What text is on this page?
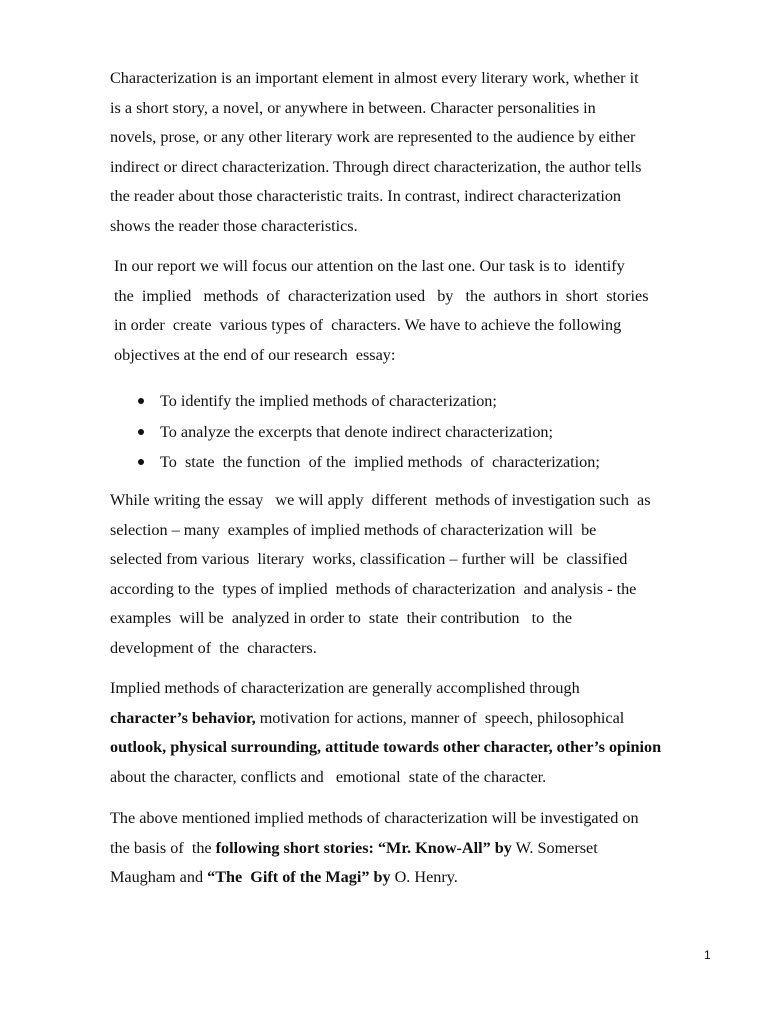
Characterization is an important element in almost every literary work, whether it
is a short story, a novel, or anywhere in between. Character personalities in
novels, prose, or any other literary work are represented to the audience by either
indirect or direct characterization. Through direct characterization, the author tells
the reader about those characteristic traits. In contrast, indirect characterization
shows the reader those characteristics.

In our report we will focus our attention on the last one. Our task is to  identify
the  implied   methods  of  characterization used   by   the  authors in  short  stories
in order  create  various types of  characters. We have to achieve the following
objectives at the end of our research  essay:

To identify the implied methods of characterization;
To analyze the excerpts that denote indirect characterization;
To  state  the function  of the  implied methods  of  characterization;

While writing the essay   we will apply  different  methods of investigation such  as
selection – many  examples of implied methods of characterization will  be
selected from various  literary  works, classification – further will  be  classified
according to the  types of implied  methods of characterization  and analysis - the
examples  will be  analyzed in order to  state  their contribution   to  the
development of  the  characters.

Implied methods of characterization are generally accomplished through
character’s behavior, motivation for actions, manner of  speech, philosophical
outlook, physical surrounding, attitude towards other character, other’s opinion
about the character, conflicts and   emotional  state of the character.

The above mentioned implied methods of characterization will be investigated on
the basis of  the following short stories: “Mr. Know-All” by W. Somerset
Maugham and “The  Gift of the Magi” by O. Henry.

1
